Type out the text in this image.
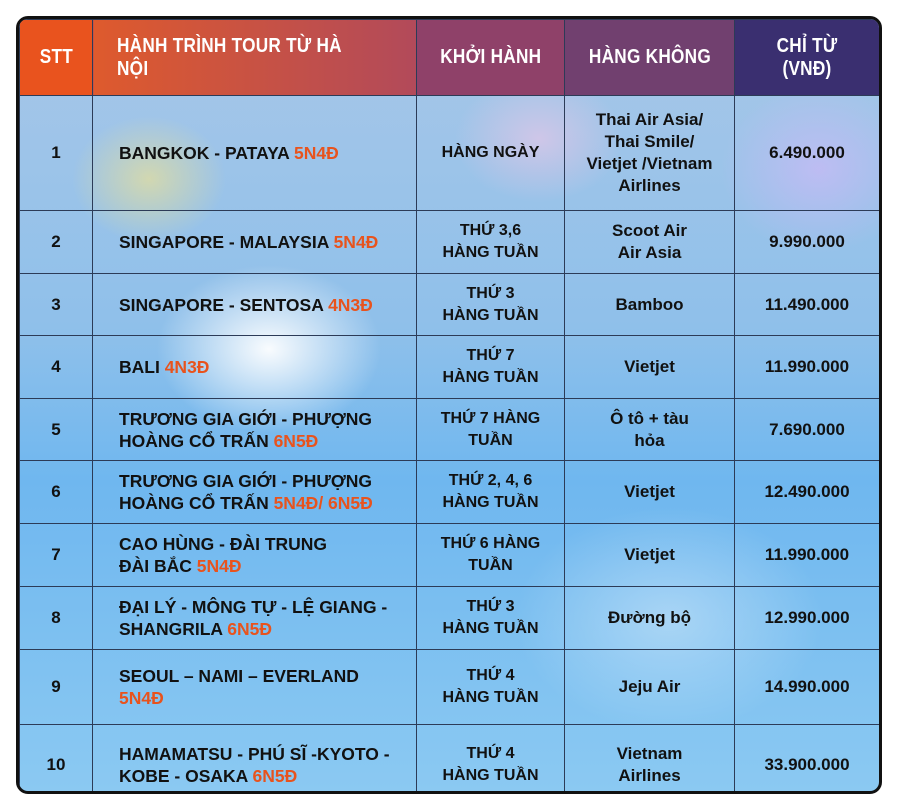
STT	HÀNH TRÌNH TOUR TỪ HÀ NỘI	KHỞI HÀNH	HÀNG KHÔNG	CHỈ TỪ (VNĐ)
1	BANGKOK - PATAYA 5N4Đ	HÀNG NGÀY	Thai Air Asia/
Thai Smile/
Vietjet /Vietnam
Airlines	6.490.000
2	SINGAPORE - MALAYSIA 5N4Đ	THỨ 3,6
HÀNG TUẦN	Scoot Air
Air Asia	9.990.000
3	SINGAPORE - SENTOSA 4N3Đ	THỨ 3
HÀNG TUẦN	Bamboo	11.490.000
4	BALI 4N3Đ	THỨ 7
HÀNG TUẦN	Vietjet	11.990.000
5	TRƯƠNG GIA GIỚI - PHƯỢNG
HOÀNG CỔ TRẤN 6N5Đ	THỨ 7 HÀNG
TUẦN	Ô tô + tàu
hỏa	7.690.000
6	TRƯƠNG GIA GIỚI - PHƯỢNG
HOÀNG CỔ TRẤN 5N4Đ/ 6N5Đ	THỨ 2, 4, 6
HÀNG TUẦN	Vietjet	12.490.000
7	CAO HÙNG - ĐÀI TRUNG
ĐÀI BẮC 5N4Đ	THỨ 6 HÀNG
TUẦN	Vietjet	11.990.000
8	ĐẠI LÝ - MÔNG TỰ - LỆ GIANG -
SHANGRILA 6N5Đ	THỨ 3
HÀNG TUẦN	Đường bộ	12.990.000
9	SEOUL – NAMI – EVERLAND
5N4Đ	THỨ 4
HÀNG TUẦN	Jeju Air	14.990.000
10	HAMAMATSU - PHÚ SĨ -KYOTO -
KOBE - OSAKA 6N5Đ	THỨ 4
HÀNG TUẦN	Vietnam
Airlines	33.900.000
